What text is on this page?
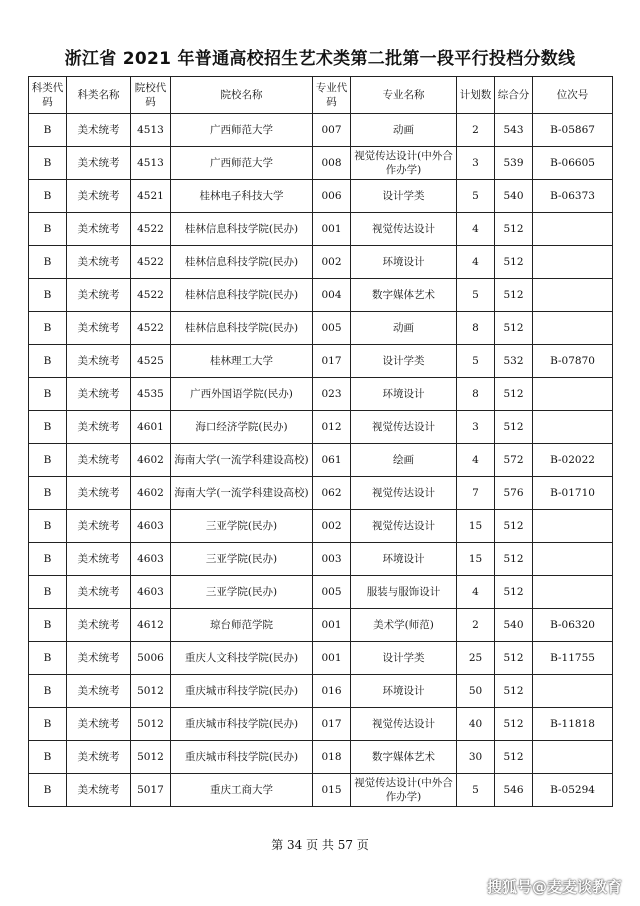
浙江省 2021 年普通高校招生艺术类第二批第一段平行投档分数线
科类代码	科类名称	院校代码	院校名称	专业代码	专业名称	计划数	综合分	位次号
B	美术统考	4513	广西师范大学	007	动画	2	543	B-05867
B	美术统考	4513	广西师范大学	008	视觉传达设计(中外合作办学)	3	539	B-06605
B	美术统考	4521	桂林电子科技大学	006	设计学类	5	540	B-06373
B	美术统考	4522	桂林信息科技学院(民办)	001	视觉传达设计	4	512	
B	美术统考	4522	桂林信息科技学院(民办)	002	环境设计	4	512	
B	美术统考	4522	桂林信息科技学院(民办)	004	数字媒体艺术	5	512	
B	美术统考	4522	桂林信息科技学院(民办)	005	动画	8	512	
B	美术统考	4525	桂林理工大学	017	设计学类	5	532	B-07870
B	美术统考	4535	广西外国语学院(民办)	023	环境设计	8	512	
B	美术统考	4601	海口经济学院(民办)	012	视觉传达设计	3	512	
B	美术统考	4602	海南大学(一流学科建设高校)	061	绘画	4	572	B-02022
B	美术统考	4602	海南大学(一流学科建设高校)	062	视觉传达设计	7	576	B-01710
B	美术统考	4603	三亚学院(民办)	002	视觉传达设计	15	512	
B	美术统考	4603	三亚学院(民办)	003	环境设计	15	512	
B	美术统考	4603	三亚学院(民办)	005	服装与服饰设计	4	512	
B	美术统考	4612	琼台师范学院	001	美术学(师范)	2	540	B-06320
B	美术统考	5006	重庆人文科技学院(民办)	001	设计学类	25	512	B-11755
B	美术统考	5012	重庆城市科技学院(民办)	016	环境设计	50	512	
B	美术统考	5012	重庆城市科技学院(民办)	017	视觉传达设计	40	512	B-11818
B	美术统考	5012	重庆城市科技学院(民办)	018	数字媒体艺术	30	512	
B	美术统考	5017	重庆工商大学	015	视觉传达设计(中外合作办学)	5	546	B-05294
第 34 页 共 57 页
搜狐号@麦麦谈教育
